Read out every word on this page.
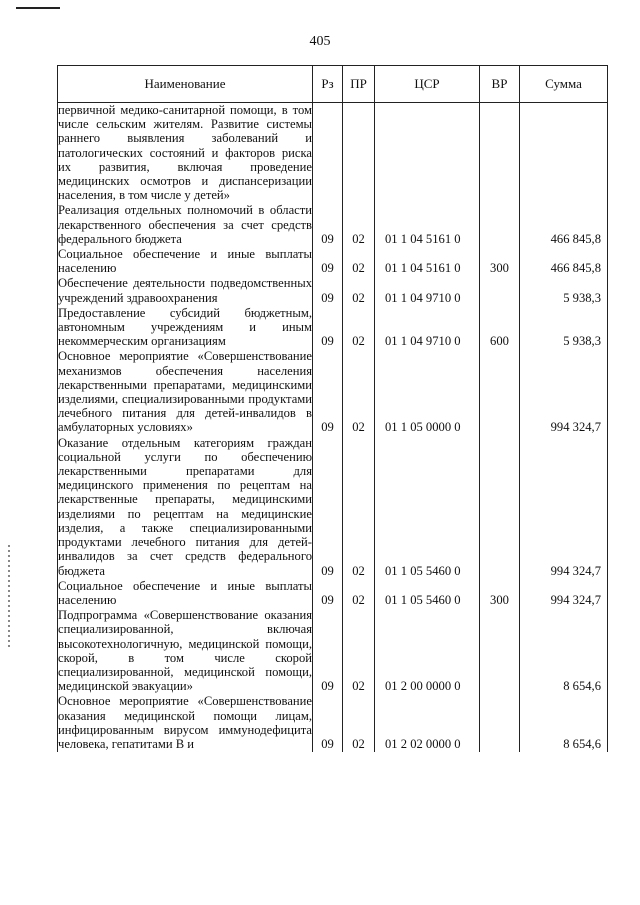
405
Наименование	Рз	ПР	ЦСР	ВР	Сумма
первичной медико-санитарной помощи, в том числе сельским жителям. Развитие системы раннего выявления заболеваний и патологических состояний и факторов риска их развития, включая проведение медицинских осмотров и диспансеризации населения, в том числе у детей»					
Реализация отдельных полномочий в области лекарственного обеспечения за счет средств федерального бюджета	09	02	01 1 04 5161 0		466 845,8
Социальное обеспечение и иные выплаты населению	09	02	01 1 04 5161 0	300	466 845,8
Обеспечение деятельности подведомственных учреждений здравоохранения	09	02	01 1 04 9710 0		5 938,3
Предоставление субсидий бюджетным, автономным учреждениям и иным некоммерческим организациям	09	02	01 1 04 9710 0	600	5 938,3
Основное мероприятие «Совершенствование механизмов обеспечения населения лекарственными препаратами, медицинскими изделиями, специализированными продуктами лечебного питания для детей-инвалидов в амбулаторных условиях»	09	02	01 1 05 0000 0		994 324,7
Оказание отдельным категориям граждан социальной услуги по обеспечению лекарственными препаратами для медицинского применения по рецептам на лекарственные препараты, медицинскими изделиями по рецептам на медицинские изделия, а также специализированными продуктами лечебного питания для детей-инвалидов за счет средств федерального бюджета	09	02	01 1 05 5460 0		994 324,7
Социальное обеспечение и иные выплаты населению	09	02	01 1 05 5460 0	300	994 324,7
Подпрограмма «Совершенствование оказания специализированной, включая высокотехнологичную, медицинской помощи, скорой, в том числе скорой специализированной, медицинской помощи, медицинской эвакуации»	09	02	01 2 00 0000 0		8 654,6
Основное мероприятие «Совершенствование оказания медицинской помощи лицам, инфицированным вирусом иммунодефицита человека, гепатитами В и	09	02	01 2 02 0000 0		8 654,6
